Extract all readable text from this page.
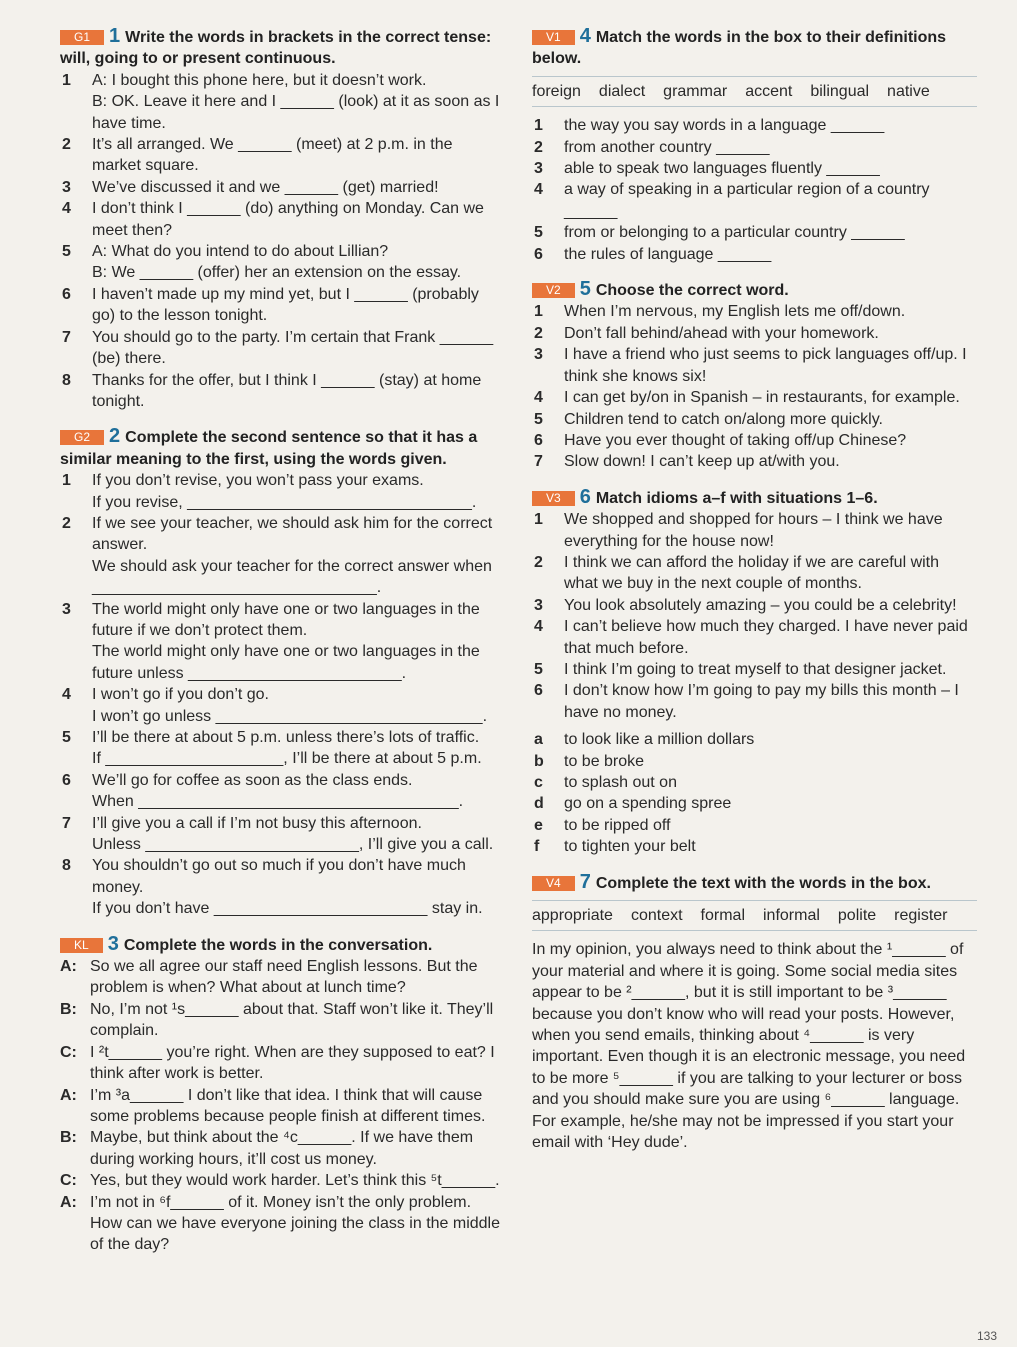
G1 1 Write the words in brackets in the correct tense: will, going to or present continuous.
1 A: I bought this phone here, but it doesn’t work.
B: OK. Leave it here and I ______ (look) at it as soon as I have time.
2 It’s all arranged. We ______ (meet) at 2 p.m. in the market square.
3 We’ve discussed it and we ______ (get) married!
4 I don’t think I ______ (do) anything on Monday. Can we meet then?
5 A: What do you intend to do about Lillian?
B: We ______ (offer) her an extension on the essay.
6 I haven’t made up my mind yet, but I ______ (probably go) to the lesson tonight.
7 You should go to the party. I’m certain that Frank ______ (be) there.
8 Thanks for the offer, but I think I ______ (stay) at home tonight.
G2 2 Complete the second sentence so that it has a similar meaning to the first, using the words given.
1 If you don’t revise, you won’t pass your exams.
If you revise, ________________________________.
2 If we see your teacher, we should ask him for the correct answer.
We should ask your teacher for the correct answer when ________________________________.
3 The world might only have one or two languages in the future if we don’t protect them.
The world might only have one or two languages in the future unless ________________________.
4 I won’t go if you don’t go.
I won’t go unless ______________________________.
5 I’ll be there at about 5 p.m. unless there’s lots of traffic.
If ____________________, I’ll be there at about 5 p.m.
6 We’ll go for coffee as soon as the class ends.
When ____________________________________.
7 I’ll give you a call if I’m not busy this afternoon.
Unless ________________________, I’ll give you a call.
8 You shouldn’t go out so much if you don’t have much money.
If you don’t have ________________________ stay in.
KL 3 Complete the words in the conversation.
A: So we all agree our staff need English lessons. But the problem is when? What about at lunch time?
B: No, I’m not ¹s______ about that. Staff won’t like it. They’ll complain.
C: I ²t______ you’re right. When are they supposed to eat? I think after work is better.
A: I’m ³a______ I don’t like that idea. I think that will cause some problems because people finish at different times.
B: Maybe, but think about the ⁴c______. If we have them during working hours, it’ll cost us money.
C: Yes, but they would work harder. Let’s think this ⁵t______.
A: I’m not in ⁶f______ of it. Money isn’t the only problem. How can we have everyone joining the class in the middle of the day?
V1 4 Match the words in the box to their definitions below.
foreign dialect grammar accent bilingual native
1 the way you say words in a language ______
2 from another country ______
3 able to speak two languages fluently ______
4 a way of speaking in a particular region of a country ______
5 from or belonging to a particular country ______
6 the rules of language ______
V2 5 Choose the correct word.
1 When I’m nervous, my English lets me off/down.
2 Don’t fall behind/ahead with your homework.
3 I have a friend who just seems to pick languages off/up. I think she knows six!
4 I can get by/on in Spanish – in restaurants, for example.
5 Children tend to catch on/along more quickly.
6 Have you ever thought of taking off/up Chinese?
7 Slow down! I can’t keep up at/with you.
V3 6 Match idioms a–f with situations 1–6.
1 We shopped and shopped for hours – I think we have everything for the house now!
2 I think we can afford the holiday if we are careful with what we buy in the next couple of months.
3 You look absolutely amazing – you could be a celebrity!
4 I can’t believe how much they charged. I have never paid that much before.
5 I think I’m going to treat myself to that designer jacket.
6 I don’t know how I’m going to pay my bills this month – I have no money.
a to look like a million dollars
b to be broke
c to splash out on
d go on a spending spree
e to be ripped off
f to tighten your belt
V4 7 Complete the text with the words in the box.
appropriate context formal informal polite register
In my opinion, you always need to think about the ¹______ of your material and where it is going. Some social media sites appear to be ²______, but it is still important to be ³______ because you don’t know who will read your posts. However, when you send emails, thinking about ⁴______ is very important. Even though it is an electronic message, you need to be more ⁵______ if you are talking to your lecturer or boss and you should make sure you are using ⁶______ language. For example, he/she may not be impressed if you start your email with ‘Hey dude’.
133
